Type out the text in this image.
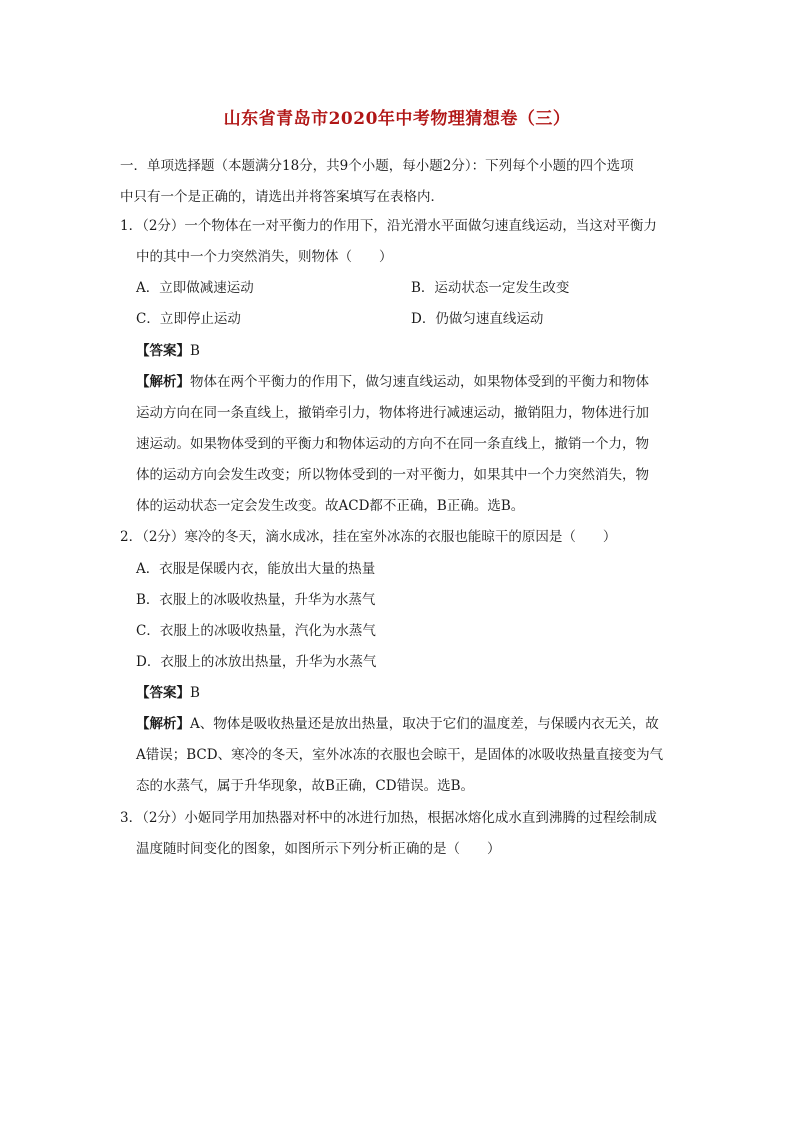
山东省青岛市2020年中考物理猜想卷（三）
一．单项选择题（本题满分18分，共9个小题，每小题2分）：下列每个小题的四个选项
中只有一个是正确的，请选出并将答案填写在表格内．
1．（2分）一个物体在一对平衡力的作用下，沿光滑水平面做匀速直线运动，当这对平衡力
中的其中一个力突然消失，则物体（　　）
A．立即做减速运动	B．运动状态一定发生改变
C．立即停止运动	D．仍做匀速直线运动
【答案】B
【解析】物体在两个平衡力的作用下，做匀速直线运动，如果物体受到的平衡力和物体
运动方向在同一条直线上，撤销牵引力，物体将进行减速运动，撤销阻力，物体进行加
速运动。如果物体受到的平衡力和物体运动的方向不在同一条直线上，撤销一个力，物
体的运动方向会发生改变；所以物体受到的一对平衡力，如果其中一个力突然消失，物
体的运动状态一定会发生改变。故ACD都不正确，B正确。选B。
2．（2分）寒冷的冬天，滴水成冰，挂在室外冰冻的衣服也能晾干的原因是（　　）
A．衣服是保暖内衣，能放出大量的热量
B．衣服上的冰吸收热量，升华为水蒸气
C．衣服上的冰吸收热量，汽化为水蒸气
D．衣服上的冰放出热量，升华为水蒸气
【答案】B
【解析】A、物体是吸收热量还是放出热量，取决于它们的温度差，与保暖内衣无关，故
A错误；BCD、寒冷的冬天，室外冰冻的衣服也会晾干，是固体的冰吸收热量直接变为气
态的水蒸气，属于升华现象，故B正确，CD错误。选B。
3．（2分）小姬同学用加热器对杯中的冰进行加热，根据冰熔化成水直到沸腾的过程绘制成
温度随时间变化的图象，如图所示下列分析正确的是（　　）
